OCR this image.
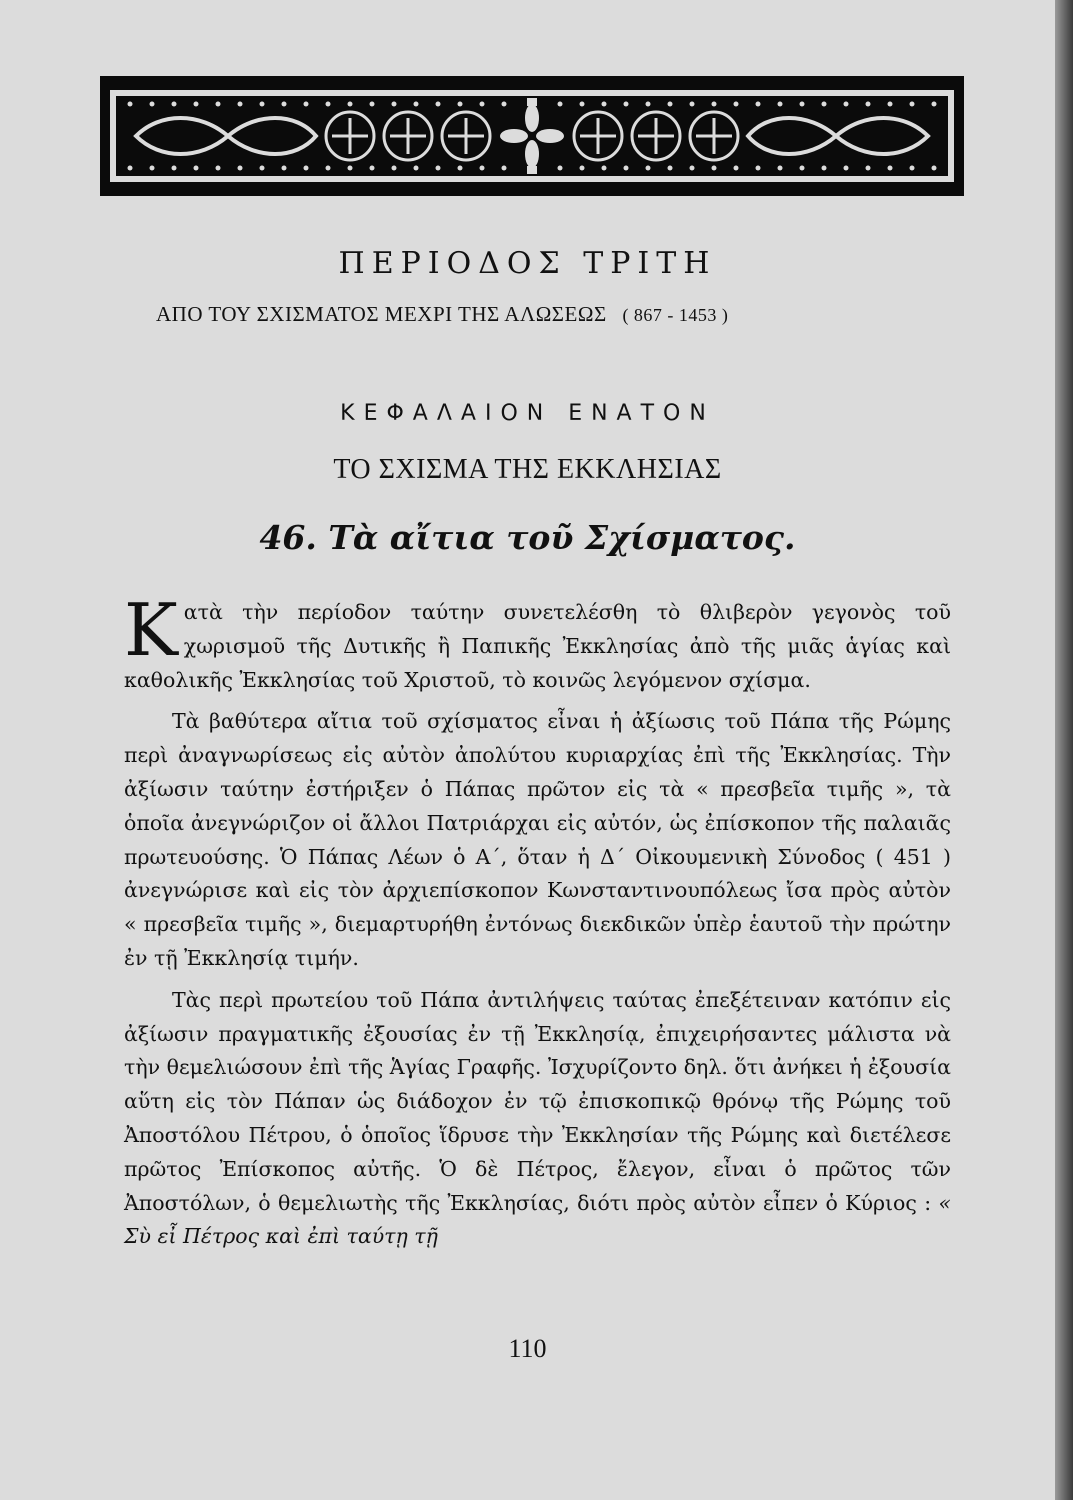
ΠΕΡΙΟΔΟΣ ΤΡΙΤΗ
ΑΠΟ ΤΟΥ ΣΧΙΣΜΑΤΟΣ ΜΕΧΡΙ ΤΗΣ ΑΛΩΣΕΩΣ ( 867 - 1453 )
ΚΕΦΑΛΑΙΟΝ ΕΝΑΤΟΝ
ΤΟ ΣΧΙΣΜΑ ΤΗΣ ΕΚΚΛΗΣΙΑΣ
46. Τὰ αἴτια τοῦ Σχίσματος.

Κατὰ τὴν περίοδον ταύτην συνετελέσθη τὸ θλιβερὸν γεγονὸς τοῦ χωρισμοῦ τῆς Δυτικῆς ἢ Παπικῆς Ἐκκλησίας ἀπὸ τῆς μιᾶς ἁγίας καὶ καθολικῆς Ἐκκλησίας τοῦ Χριστοῦ, τὸ κοινῶς λεγόμενον σχίσμα.

Τὰ βαθύτερα αἴτια τοῦ σχίσματος εἶναι ἡ ἀξίωσις τοῦ Πάπα τῆς Ρώμης περὶ ἀναγνωρίσεως εἰς αὐτὸν ἀπολύτου κυριαρχίας ἐπὶ τῆς Ἐκκλησίας. Τὴν ἀξίωσιν ταύτην ἐστήριξεν ὁ Πάπας πρῶτον εἰς τὰ « πρεσβεῖα τιμῆς », τὰ ὁποῖα ἀνεγνώριζον οἱ ἄλλοι Πατριάρχαι εἰς αὐτόν, ὡς ἐπίσκοπον τῆς παλαιᾶς πρωτευούσης. Ὁ Πάπας Λέων ὁ Α΄, ὅταν ἡ Δ΄ Οἰκουμενικὴ Σύνοδος ( 451 ) ἀνεγνώρισε καὶ εἰς τὸν ἀρχιεπίσκοπον Κωνσταντινουπόλεως ἴσα πρὸς αὐτὸν « πρεσβεῖα τιμῆς », διεμαρτυρήθη ἐντόνως διεκδικῶν ὑπὲρ ἑαυτοῦ τὴν πρώτην ἐν τῇ Ἐκκλησίᾳ τιμήν.

Τὰς περὶ πρωτείου τοῦ Πάπα ἀντιλήψεις ταύτας ἐπεξέτειναν κατόπιν εἰς ἀξίωσιν πραγματικῆς ἐξουσίας ἐν τῇ Ἐκκλησίᾳ, ἐπιχειρήσαντες μάλιστα νὰ τὴν θεμελιώσουν ἐπὶ τῆς Ἁγίας Γραφῆς. Ἰσχυρίζοντο δηλ. ὅτι ἀνήκει ἡ ἐξουσία αὕτη εἰς τὸν Πάπαν ὡς διάδοχον ἐν τῷ ἐπισκοπικῷ θρόνῳ τῆς Ρώμης τοῦ Ἀποστόλου Πέτρου, ὁ ὁποῖος ἵδρυσε τὴν Ἐκκλησίαν τῆς Ρώμης καὶ διετέλεσε πρῶτος Ἐπίσκοπος αὐτῆς. Ὁ δὲ Πέτρος, ἔλεγον, εἶναι ὁ πρῶτος τῶν Ἀποστόλων, ὁ θεμελιωτὴς τῆς Ἐκκλησίας, διότι πρὸς αὐτὸν εἶπεν ὁ Κύριος : « Σὺ εἶ Πέτρος καὶ ἐπὶ ταύτῃ τῇ

110
